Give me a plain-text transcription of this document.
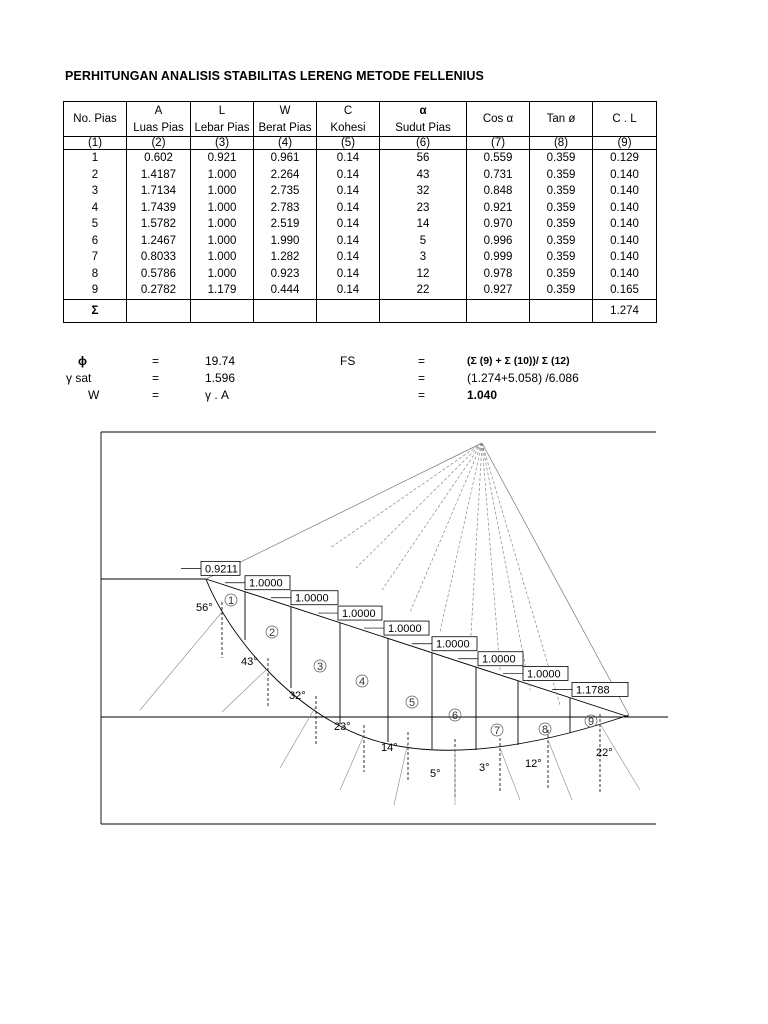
PERHITUNGAN ANALISIS STABILITAS LERENG METODE FELLENIUS
No. Pias	A	L	W	C	α	Cos α	Tan ø	C . L
	Luas Pias	Lebar Pias	Berat Pias	Kohesi	Sudut Pias			
(1)	(2)	(3)	(4)	(5)	(6)	(7)	(8)	(9)
1	0.602	0.921	0.961	0.14	56	0.559	0.359	0.129
2	1.4187	1.000	2.264	0.14	43	0.731	0.359	0.140
3	1.7134	1.000	2.735	0.14	32	0.848	0.359	0.140
4	1.7439	1.000	2.783	0.14	23	0.921	0.359	0.140
5	1.5782	1.000	2.519	0.14	14	0.970	0.359	0.140
6	1.2467	1.000	1.990	0.14	5	0.996	0.359	0.140
7	0.8033	1.000	1.282	0.14	3	0.999	0.359	0.140
8	0.5786	1.000	0.923	0.14	12	0.978	0.359	0.140
9	0.2782	1.179	0.444	0.14	22	0.927	0.359	0.165
Σ								1.274
ϕ	=	19.74
γ sat	=	1.596
W	=	γ . A
FS	=	(Σ (9) + Σ (10))/ Σ (12)
=	(1.274+5.058) /6.086
=	1.040
0.9211
1.0000
1.0000
1.0000
1.0000
1.0000
1.0000
1.0000
1.1788
1
2
3
4
5
6
7	8
9
56°
43°
32°
23°
14°
5°	3°	12°
22°
